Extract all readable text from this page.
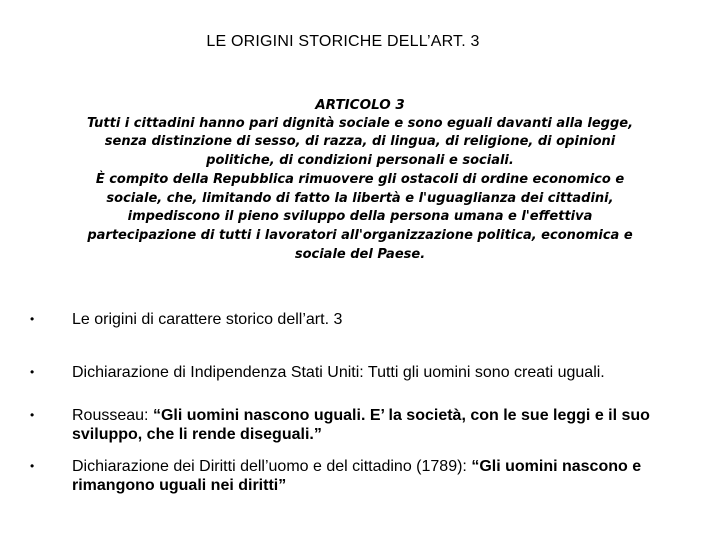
LE ORIGINI STORICHE DELL’ART. 3

ARTICOLO 3

Tutti i cittadini hanno pari dignità sociale e sono eguali davanti alla legge, senza distinzione di sesso, di razza, di lingua, di religione, di opinioni politiche, di condizioni personali e sociali.

È compito della Repubblica rimuovere gli ostacoli di ordine economico e sociale, che, limitando di fatto la libertà e l'uguaglianza dei cittadini, impediscono il pieno sviluppo della persona umana e l'effettiva partecipazione di tutti i lavoratori all'organizzazione politica, economica e sociale del Paese.

• Le origini di carattere storico dell’art. 3
• Dichiarazione di Indipendenza Stati Uniti: Tutti gli uomini sono creati uguali.
• Rousseau: “Gli uomini nascono uguali. E’ la società, con le sue leggi e il suo sviluppo, che li rende diseguali.”
• Dichiarazione dei Diritti dell’uomo e del cittadino (1789): “Gli uomini nascono e rimangono uguali nei diritti”
